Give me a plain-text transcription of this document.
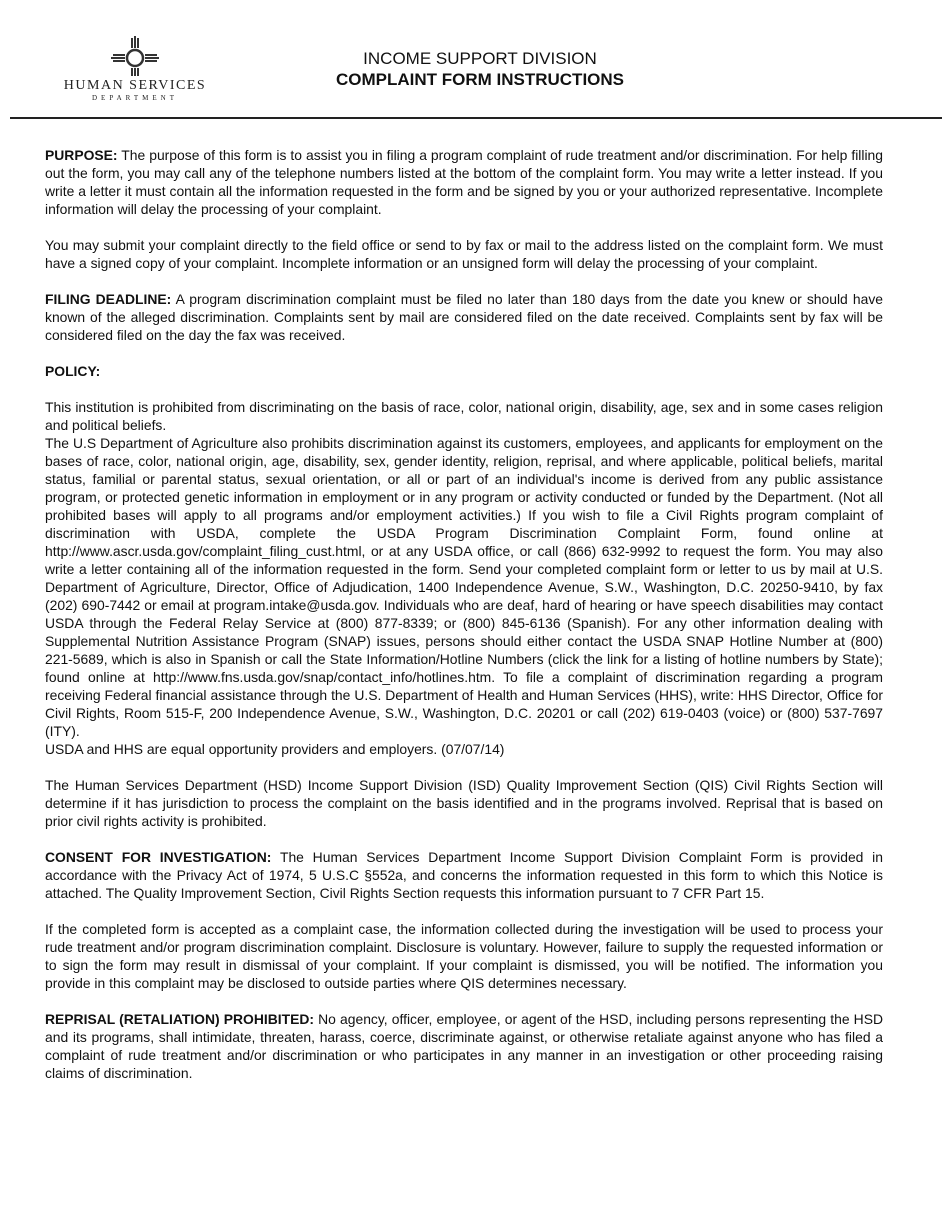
HUMAN SERVICES
DEPARTMENT
INCOME SUPPORT DIVISION
COMPLAINT FORM INSTRUCTIONS

PURPOSE: The purpose of this form is to assist you in filing a program complaint of rude treatment and/or discrimination. For help filling out the form, you may call any of the telephone numbers listed at the bottom of the complaint form. You may write a letter instead. If you write a letter it must contain all the information requested in the form and be signed by you or your authorized representative. Incomplete information will delay the processing of your complaint.

You may submit your complaint directly to the field office or send to by fax or mail to the address listed on the complaint form. We must have a signed copy of your complaint. Incomplete information or an unsigned form will delay the processing of your complaint.

FILING DEADLINE: A program discrimination complaint must be filed no later than 180 days from the date you knew or should have known of the alleged discrimination. Complaints sent by mail are considered filed on the date received. Complaints sent by fax will be considered filed on the day the fax was received.

POLICY:

This institution is prohibited from discriminating on the basis of race, color, national origin, disability, age, sex and in some cases religion and political beliefs.

The U.S Department of Agriculture also prohibits discrimination against its customers, employees, and applicants for employment on the bases of race, color, national origin, age, disability, sex, gender identity, religion, reprisal, and where applicable, political beliefs, marital status, familial or parental status, sexual orientation, or all or part of an individual's income is derived from any public assistance program, or protected genetic information in employment or in any program or activity conducted or funded by the Department. (Not all prohibited bases will apply to all programs and/or employment activities.) If you wish to file a Civil Rights program complaint of discrimination with USDA, complete the USDA Program Discrimination Complaint Form, found online at http://www.ascr.usda.gov/complaint_filing_cust.html, or at any USDA office, or call (866) 632-9992 to request the form. You may also write a letter containing all of the information requested in the form. Send your completed complaint form or letter to us by mail at U.S. Department of Agriculture, Director, Office of Adjudication, 1400 Independence Avenue, S.W., Washington, D.C. 20250-9410, by fax (202) 690-7442 or email at program.intake@usda.gov. Individuals who are deaf, hard of hearing or have speech disabilities may contact USDA through the Federal Relay Service at (800) 877-8339; or (800) 845-6136 (Spanish). For any other information dealing with Supplemental Nutrition Assistance Program (SNAP) issues, persons should either contact the USDA SNAP Hotline Number at (800) 221-5689, which is also in Spanish or call the State Information/Hotline Numbers (click the link for a listing of hotline numbers by State); found online at http://www.fns.usda.gov/snap/contact_info/hotlines.htm. To file a complaint of discrimination regarding a program receiving Federal financial assistance through the U.S. Department of Health and Human Services (HHS), write: HHS Director, Office for Civil Rights, Room 515-F, 200 Independence Avenue, S.W., Washington, D.C. 20201 or call (202) 619-0403 (voice) or (800) 537-7697 (ITY).

USDA and HHS are equal opportunity providers and employers. (07/07/14)

The Human Services Department (HSD) Income Support Division (ISD) Quality Improvement Section (QIS) Civil Rights Section will determine if it has jurisdiction to process the complaint on the basis identified and in the programs involved. Reprisal that is based on prior civil rights activity is prohibited.

CONSENT FOR INVESTIGATION: The Human Services Department Income Support Division Complaint Form is provided in accordance with the Privacy Act of 1974, 5 U.S.C §552a, and concerns the information requested in this form to which this Notice is attached. The Quality Improvement Section, Civil Rights Section requests this information pursuant to 7 CFR Part 15.

If the completed form is accepted as a complaint case, the information collected during the investigation will be used to process your rude treatment and/or program discrimination complaint. Disclosure is voluntary. However, failure to supply the requested information or to sign the form may result in dismissal of your complaint. If your complaint is dismissed, you will be notified. The information you provide in this complaint may be disclosed to outside parties where QIS determines necessary.

REPRISAL (RETALIATION) PROHIBITED: No agency, officer, employee, or agent of the HSD, including persons representing the HSD and its programs, shall intimidate, threaten, harass, coerce, discriminate against, or otherwise retaliate against anyone who has filed a complaint of rude treatment and/or discrimination or who participates in any manner in an investigation or other proceeding raising claims of discrimination.
